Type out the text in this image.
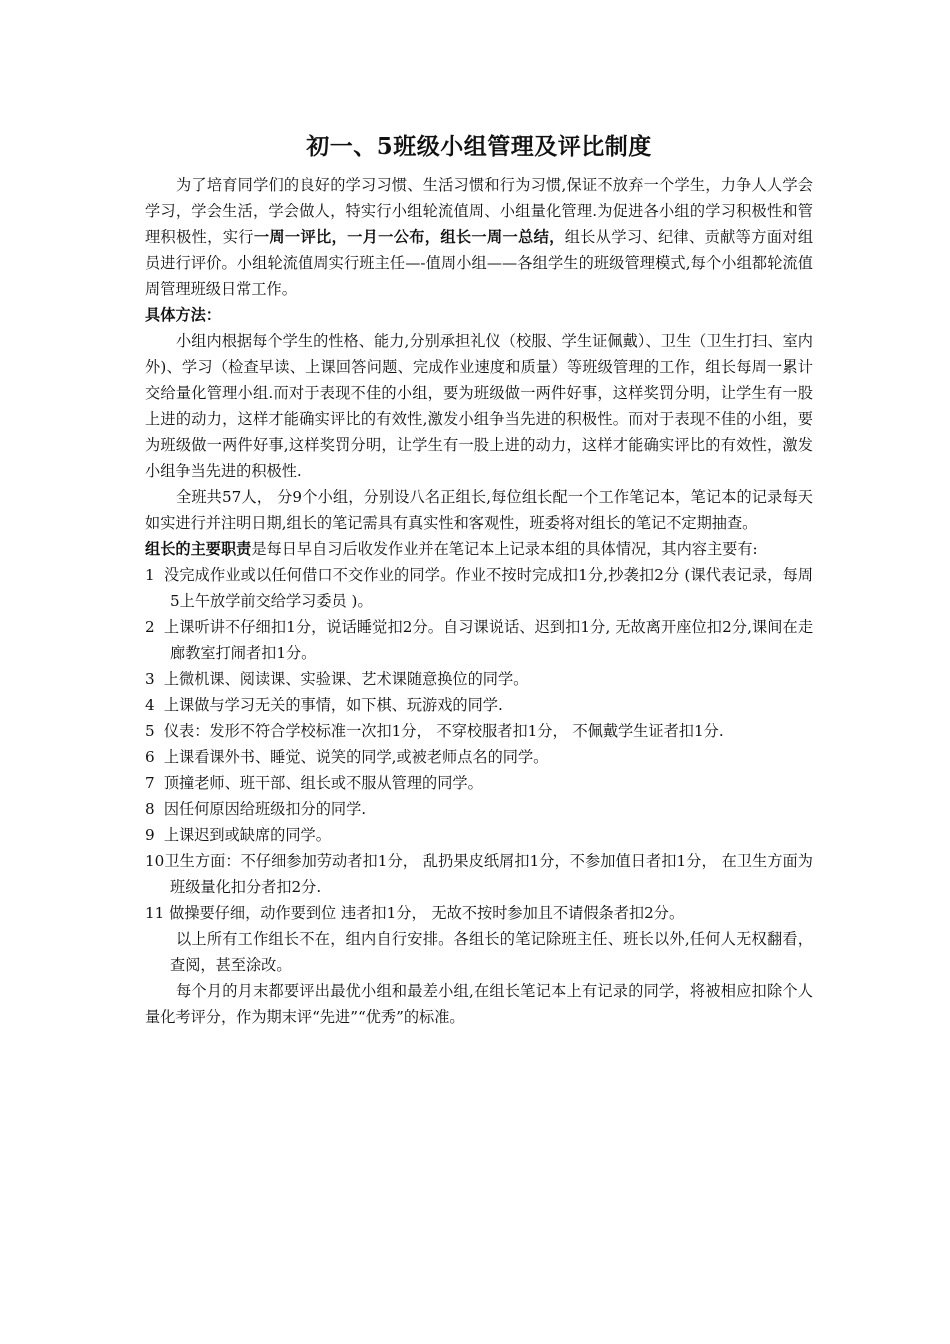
初一、5班级小组管理及评比制度

为了培育同学们的良好的学习习惯、生活习惯和行为习惯,保证不放弃一个学生，力争人人学会学习，学会生活，学会做人，特实行小组轮流值周、小组量化管理.为促进各小组的学习积极性和管理积极性，实行一周一评比，一月一公布，组长一周一总结，组长从学习、纪律、贡献等方面对组员进行评价。小组轮流值周实行班主任—-值周小组——各组学生的班级管理模式,每个小组都轮流值周管理班级日常工作。

具体方法：

小组内根据每个学生的性格、能力,分别承担礼仪（校服、学生证佩戴）、卫生（卫生打扫、室内外)、学习（检查早读、上课回答问题、完成作业速度和质量）等班级管理的工作，组长每周一累计交给量化管理小组.而对于表现不佳的小组，要为班级做一两件好事，这样奖罚分明，让学生有一股上进的动力，这样才能确实评比的有效性,激发小组争当先进的积极性。而对于表现不佳的小组，要为班级做一两件好事,这样奖罚分明，让学生有一股上进的动力，这样才能确实评比的有效性，激发小组争当先进的积极性.

全班共57人， 分9个小组，分别设八名正组长,每位组长配一个工作笔记本，笔记本的记录每天如实进行并注明日期,组长的笔记需具有真实性和客观性，班委将对组长的笔记不定期抽查。

组长的主要职责是每日早自习后收发作业并在笔记本上记录本组的具体情况，其内容主要有:

1 没完成作业或以任何借口不交作业的同学。作业不按时完成扣1分,抄袭扣2分 (课代表记录，每周5上午放学前交给学习委员 )。
2 上课听讲不仔细扣1分，说话睡觉扣2分。自习课说话、迟到扣1分, 无故离开座位扣2分,课间在走廊教室打闹者扣1分。
3 上微机课、阅读课、实验课、艺术课随意换位的同学。
4 上课做与学习无关的事情，如下棋、玩游戏的同学.
5 仪表：发形不符合学校标准一次扣1分， 不穿校服者扣1分， 不佩戴学生证者扣1分.
6 上课看课外书、睡觉、说笑的同学,或被老师点名的同学。
7 顶撞老师、班干部、组长或不服从管理的同学。
8 因任何原因给班级扣分的同学.
9 上课迟到或缺席的同学。
10卫生方面：不仔细参加劳动者扣1分， 乱扔果皮纸屑扣1分，不参加值日者扣1分， 在卫生方面为班级量化扣分者扣2分.
11 做操要仔细，动作要到位 违者扣1分， 无故不按时参加且不请假条者扣2分。

以上所有工作组长不在，组内自行安排。各组长的笔记除班主任、班长以外,任何人无权翻看，查阅，甚至涂改。

每个月的月末都要评出最优小组和最差小组,在组长笔记本上有记录的同学，将被相应扣除个人量化考评分，作为期末评“先进”“优秀”的标准。
